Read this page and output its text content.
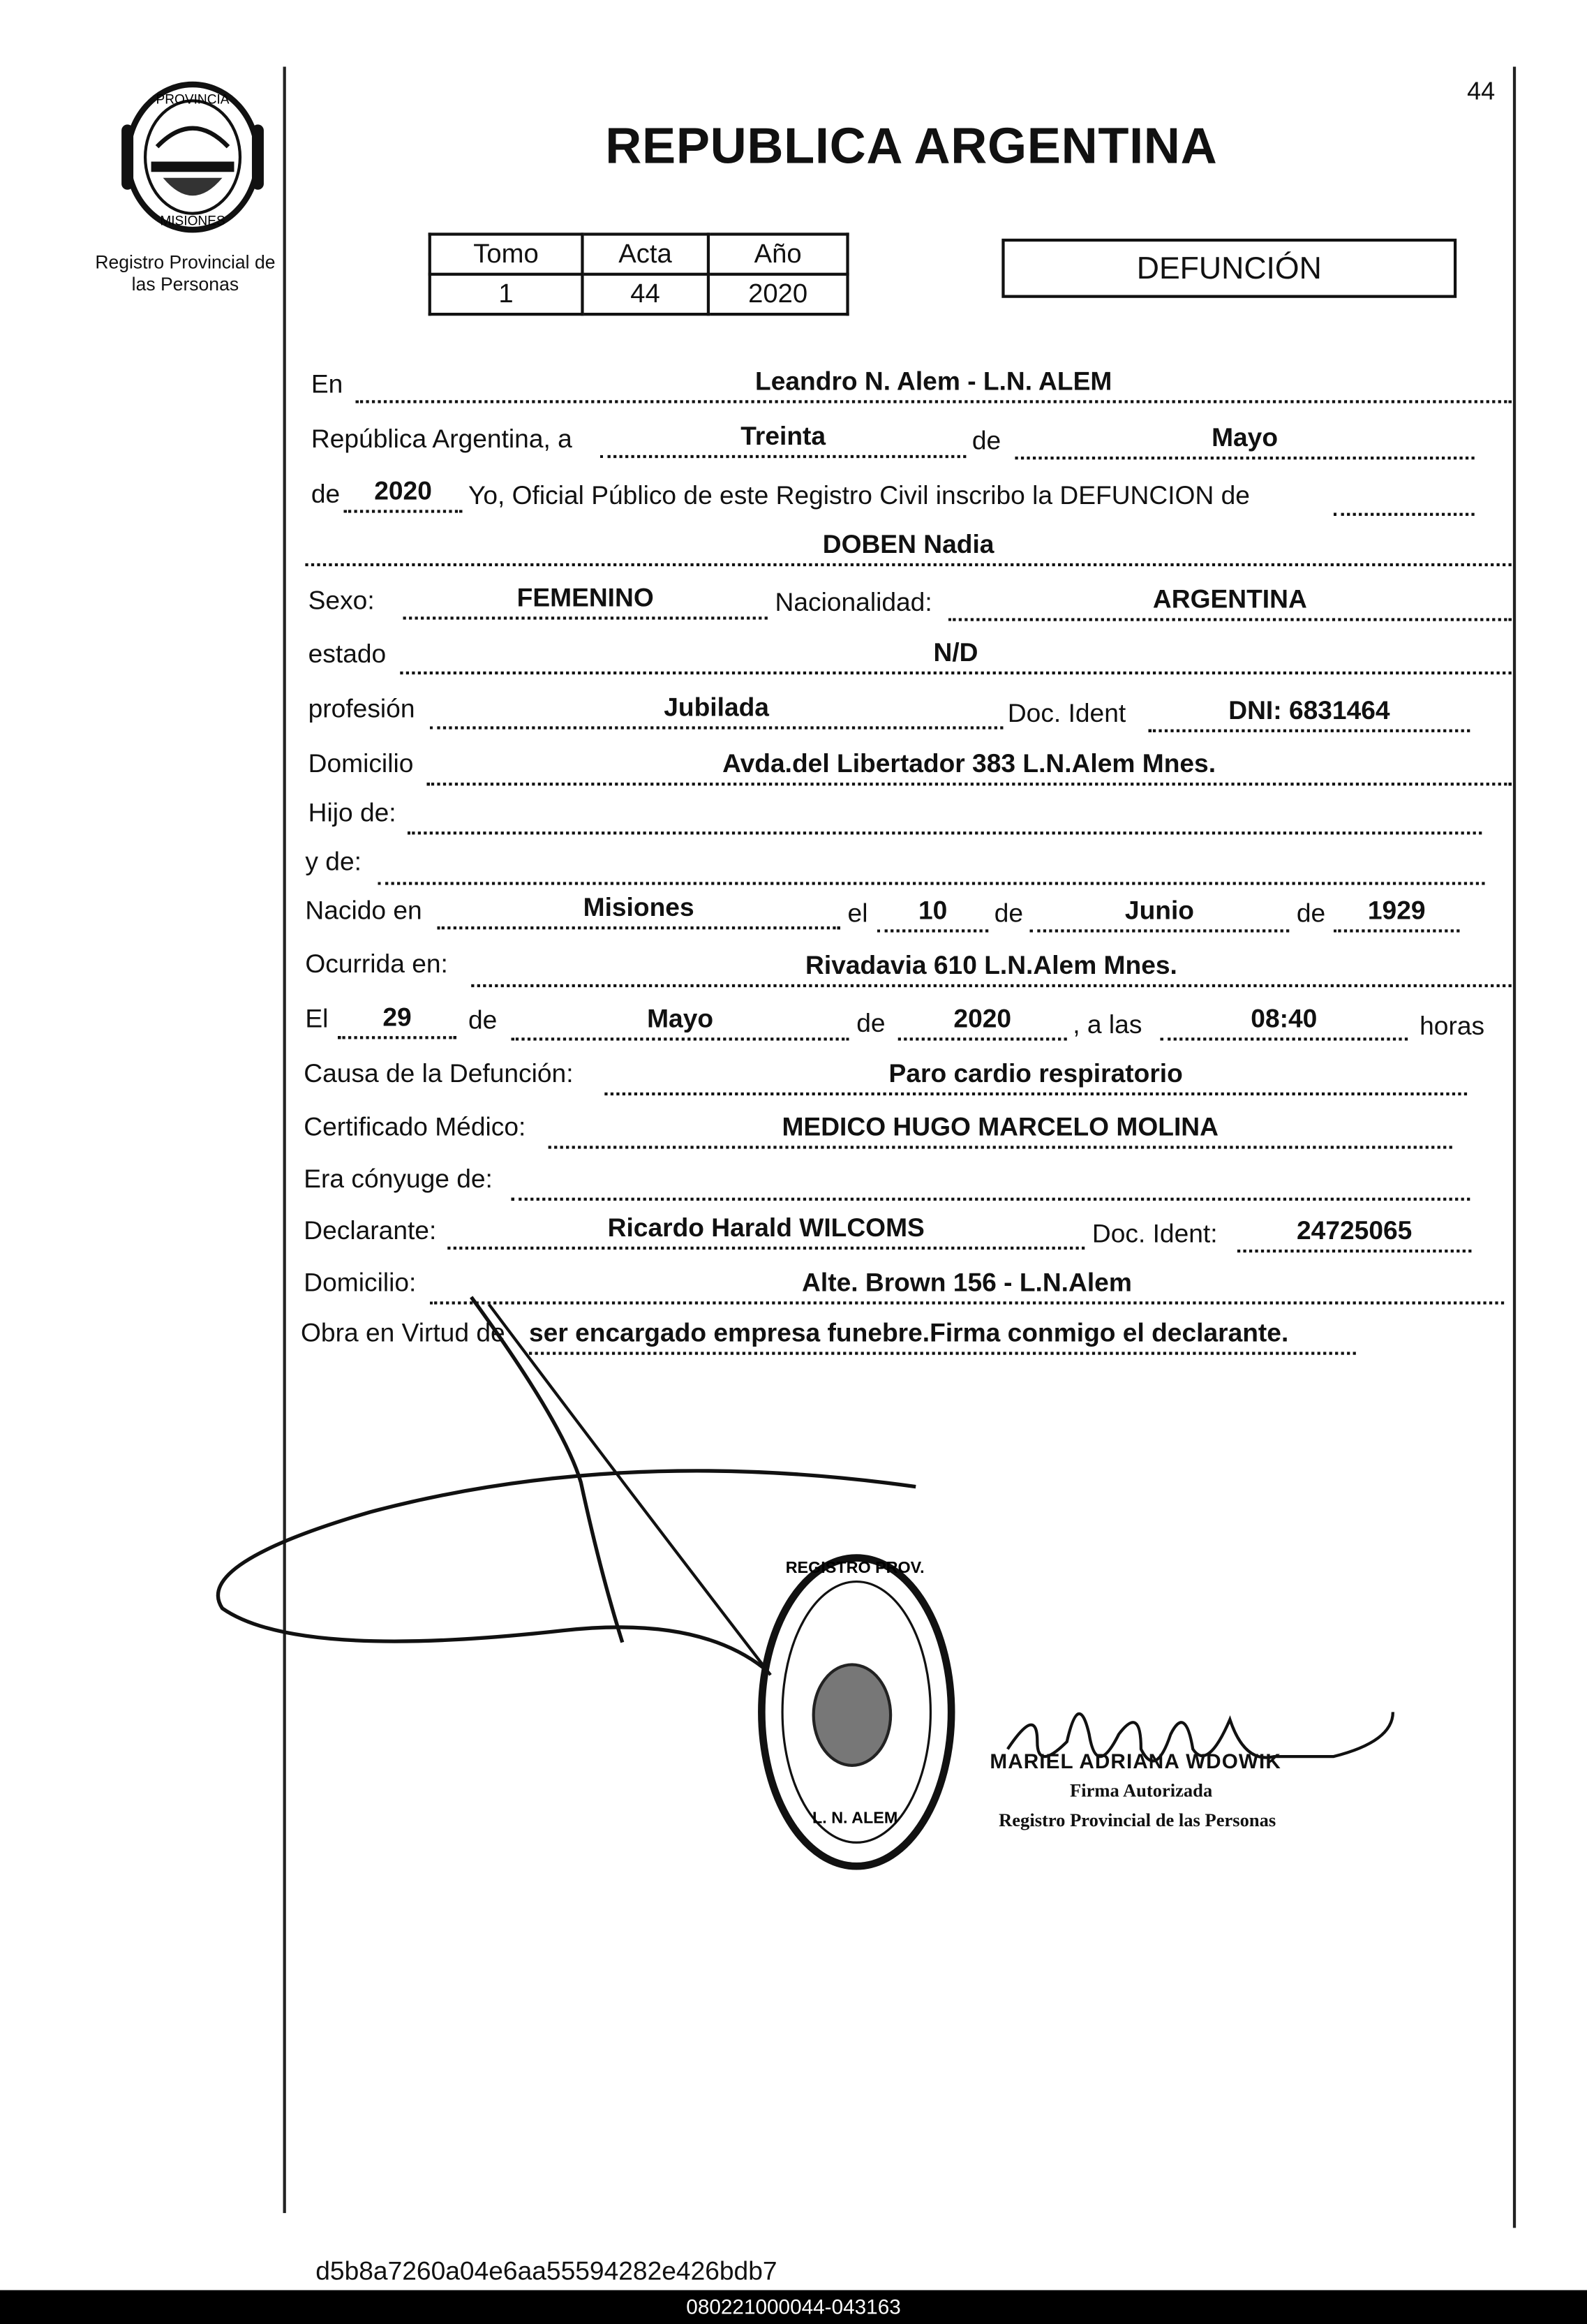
PROVINCIA
MISIONES
Registro Provincial de
las Personas
44
REPUBLICA ARGENTINA
Tomo	Acta	Año
1	44	2020
DEFUNCIÓN
En	Leandro N. Alem - L.N. ALEM
República Argentina, a	Treinta	de	Mayo
de	2020	Yo, Oficial Público de este Registro Civil inscribo la DEFUNCION de
DOBEN Nadia
Sexo:	FEMENINO	Nacionalidad:	ARGENTINA
estado	N/D
profesión	Jubilada	Doc. Ident	DNI: 6831464
Domicilio	Avda.del Libertador 383 L.N.Alem Mnes.
Hijo de:
y de:
Nacido en	Misiones	el	10	de	Junio	de	1929
Ocurrida en:	Rivadavia 610 L.N.Alem Mnes.
El	29	de	Mayo	de	2020	, a las	08:40	horas
Causa de la Defunción:	Paro cardio respiratorio
Certificado Médico:	MEDICO HUGO MARCELO MOLINA
Era cónyuge de:
Declarante:	Ricardo Harald WILCOMS	Doc. Ident:	24725065
Domicilio:	Alte. Brown 156 - L.N.Alem
Obra en Virtud de ser encargado empresa funebre.Firma conmigo el declarante.
REGISTRO PROV.
L. N. ALEM
MARIEL ADRIANA WDOWIK
Firma Autorizada
Registro Provincial de las Personas
d5b8a7260a04e6aa55594282e426bdb7
080221000044-043163
